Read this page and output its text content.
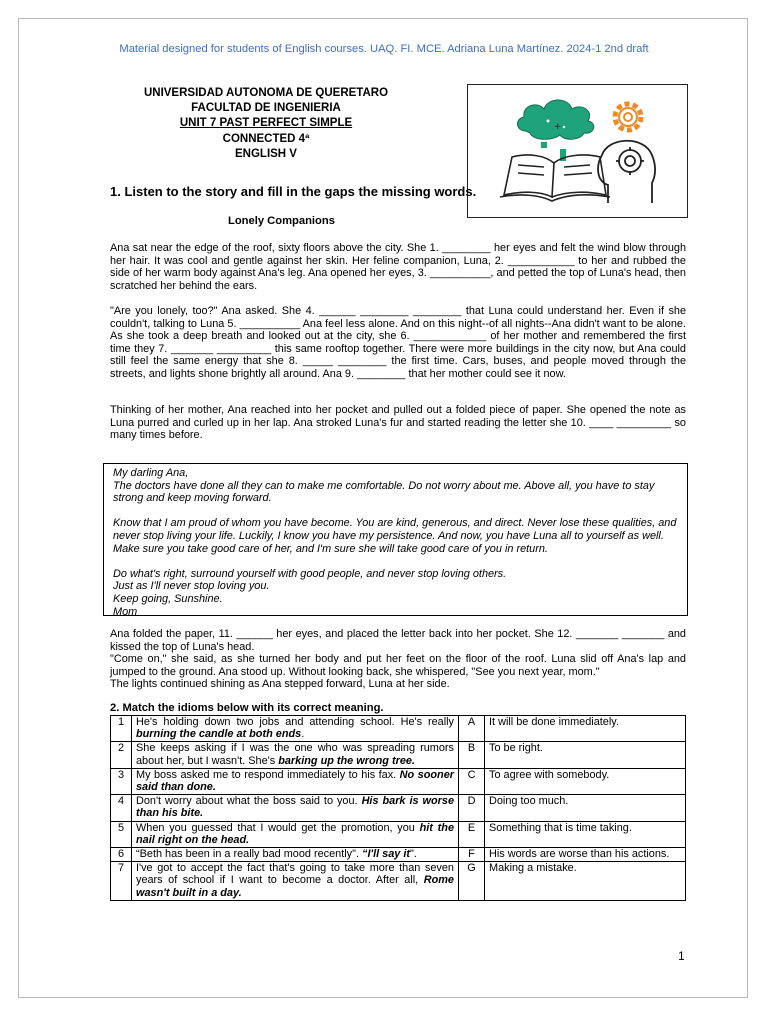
Material designed for students of English courses. UAQ. FI. MCE. Adriana Luna Martínez. 2024-1 2nd draft
UNIVERSIDAD AUTONOMA DE QUERETARO
FACULTAD DE INGENIERIA
UNIT 7 PAST PERFECT SIMPLE
CONNECTED 4ª
ENGLISH V
+
■
1. Listen to the story and fill in the gaps the missing words.
Lonely Companions

Ana sat near the edge of the roof, sixty floors above the city. She 1. ________ her eyes and felt the wind blow through her hair. It was cool and gentle against her skin. Her feline companion, Luna, 2. ___________ to her and rubbed the side of her warm body against Ana's leg. Ana opened her eyes, 3. __________, and petted the top of Luna's head, then scratched her behind the ears.

"Are you lonely, too?" Ana asked. She 4. ______ ________ ________ that Luna could understand her. Even if she couldn't, talking to Luna 5. __________ Ana feel less alone. And on this night--of all nights--Ana didn't want to be alone. As she took a deep breath and looked out at the city, she 6. ____________ of her mother and remembered the first time they 7. _______ _________ this same rooftop together. There were more buildings in the city now, but Ana could still feel the same energy that she 8. _____ ________ the first time. Cars, buses, and people moved through the streets, and lights shone brightly all around. Ana 9. ________ that her mother could see it now.

Thinking of her mother, Ana reached into her pocket and pulled out a folded piece of paper. She opened the note as Luna purred and curled up in her lap. Ana stroked Luna's fur and started reading the letter she 10. ____ _________ so many times before.

My darling Ana,

The doctors have done all they can to make me comfortable. Do not worry about me. Above all, you have to stay strong and keep moving forward.

Know that I am proud of whom you have become. You are kind, generous, and direct. Never lose these qualities, and never stop living your life. Luckily, I know you have my persistence. And now, you have Luna all to yourself as well. Make sure you take good care of her, and I'm sure she will take good care of you in return.

Do what's right, surround yourself with good people, and never stop loving others.

Just as I'll never stop loving you.

Keep going, Sunshine.

Mom

Ana folded the paper, 11. ______ her eyes, and placed the letter back into her pocket. She 12. _______ _______ and kissed the top of Luna's head.

"Come on," she said, as she turned her body and put her feet on the floor of the roof. Luna slid off Ana's lap and jumped to the ground. Ana stood up. Without looking back, she whispered, "See you next year, mom."

The lights continued shining as Ana stepped forward, Luna at her side.

2. Match the idioms below with its correct meaning.
1	He's holding down two jobs and attending school. He's really burning the candle at both ends.	A	It will be done immediately.
2	She keeps asking if I was the one who was spreading rumors about her, but I wasn't. She's barking up the wrong tree.	B	To be right.
3	My boss asked me to respond immediately to his fax. No sooner said than done.	C	To agree with somebody.
4	Don't worry about what the boss said to you. His bark is worse than his bite.	D	Doing too much.
5	When you guessed that I would get the promotion, you hit the nail right on the head.	E	Something that is time taking.
6	“Beth has been in a really bad mood recently". “I'll say it".	F	His words are worse than his actions.
7	I've got to accept the fact that's going to take more than seven years of school if I want to become a doctor. After all, Rome wasn't built in a day.	G	Making a mistake.
1
